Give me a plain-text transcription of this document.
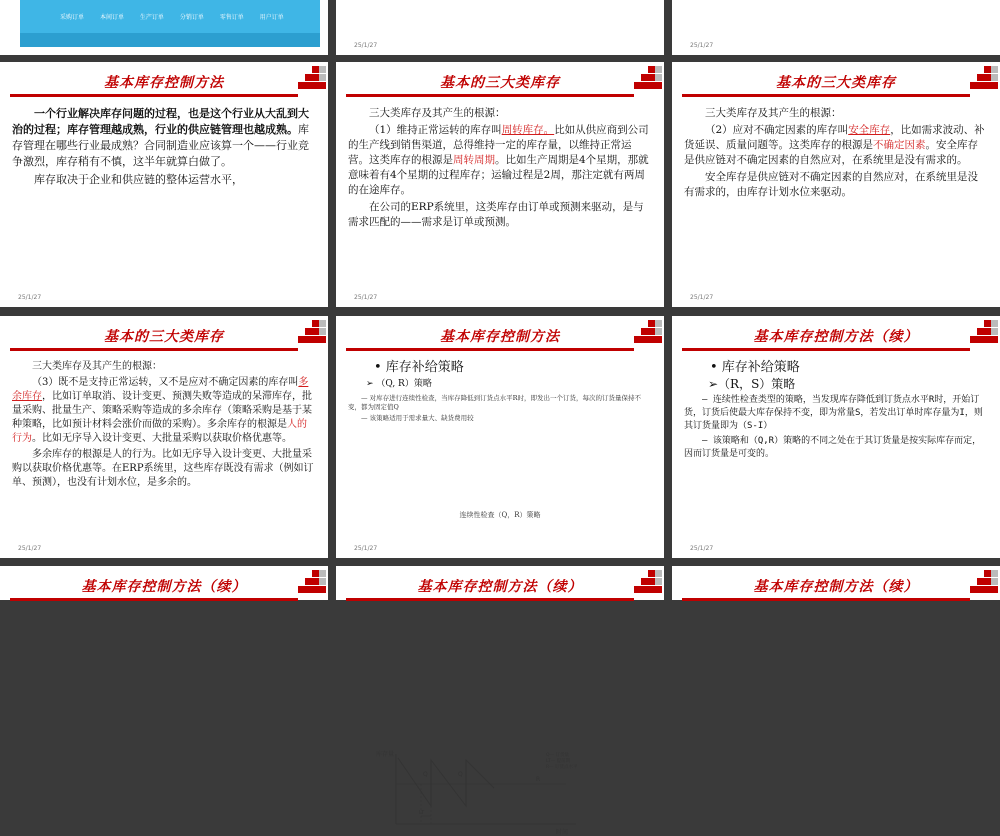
采购订单	本间订单	生产订单	分销订单	零售订单	用户订单
25/1/27	25/1/27
基本库存控制方法

一个行业解决库存问题的过程，也是这个行业从大乱到大治的过程；库存管理越成熟，行业的供应链管理也越成熟。库存管理在哪些行业最成熟？合同制造业应该算一个——行业竞争激烈，库存稍有不慎，这半年就算白做了。

库存取决于企业和供应链的整体运营水平，

25/1/27
基本的三大类库存

三大类库存及其产生的根源：

（1）维持正常运转的库存叫周转库存。比如从供应商到公司的生产线到销售渠道，总得维持一定的库存量，以维持正常运营。这类库存的根源是周转周期。比如生产周期是4个星期，那就意味着有4个星期的过程库存；运输过程是2周，那注定就有两周的在途库存。

在公司的ERP系统里，这类库存由订单或预测来驱动，是与需求匹配的——需求是订单或预测。

25/1/27
基本的三大类库存

三大类库存及其产生的根源：

（2）应对不确定因素的库存叫安全库存，比如需求波动、补货延误、质量问题等。这类库存的根源是不确定因素。安全库存是供应链对不确定因素的自然应对，在系统里是没有需求的。

安全库存是供应链对不确定因素的自然应对，在系统里是没有需求的，由库存计划水位来驱动。

25/1/27
基本的三大类库存

三大类库存及其产生的根源：

（3）既不是支持正常运转，又不是应对不确定因素的库存叫多余库存，比如订单取消、设计变更、预测失败等造成的呆滞库存，批量采购、批量生产、策略采购等造成的多余库存（策略采购是基于某种策略，比如预计材料会涨价而做的采购）。多余库存的根源是人的行为。比如无序导入设计变更、大批量采购以获取价格优惠等。

多余库存的根源是人的行为。比如无序导入设计变更、大批量采购以获取价格优惠等。在ERP系统里，这些库存既没有需求（例如订单、预测），也没有计划水位，是多余的。

25/1/27
基本库存控制方法

• 库存补给策略

➢ （Q, R）策略

— 对库存进行连续性检查，当库存降低到订货点水平R时，即发出一个订货，每次的订货量保持不变，都为固定值Q

— 该策略适用于需求量大、缺货费用较

库存量
时间
Q	Q
R
LT
Q— 订货量
LT— 提前期
R— 订货点水平
连续性检查（Q，R）策略
25/1/27
基本库存控制方法（续）

• 库存补给策略

➢（R，S）策略

— 连续性检查类型的策略，当发现库存降低到订货点水平R时，开始订货，订货后使最大库存保持不变，即为常量S，若发出订单时库存量为I，则其订货量即为（S-I）

— 该策略和（Q,R）策略的不同之处在于其订货量是按实际库存而定，因而订货量是可变的。

25/1/27
基本库存控制方法（续）	基本库存控制方法（续）	基本库存控制方法（续）
